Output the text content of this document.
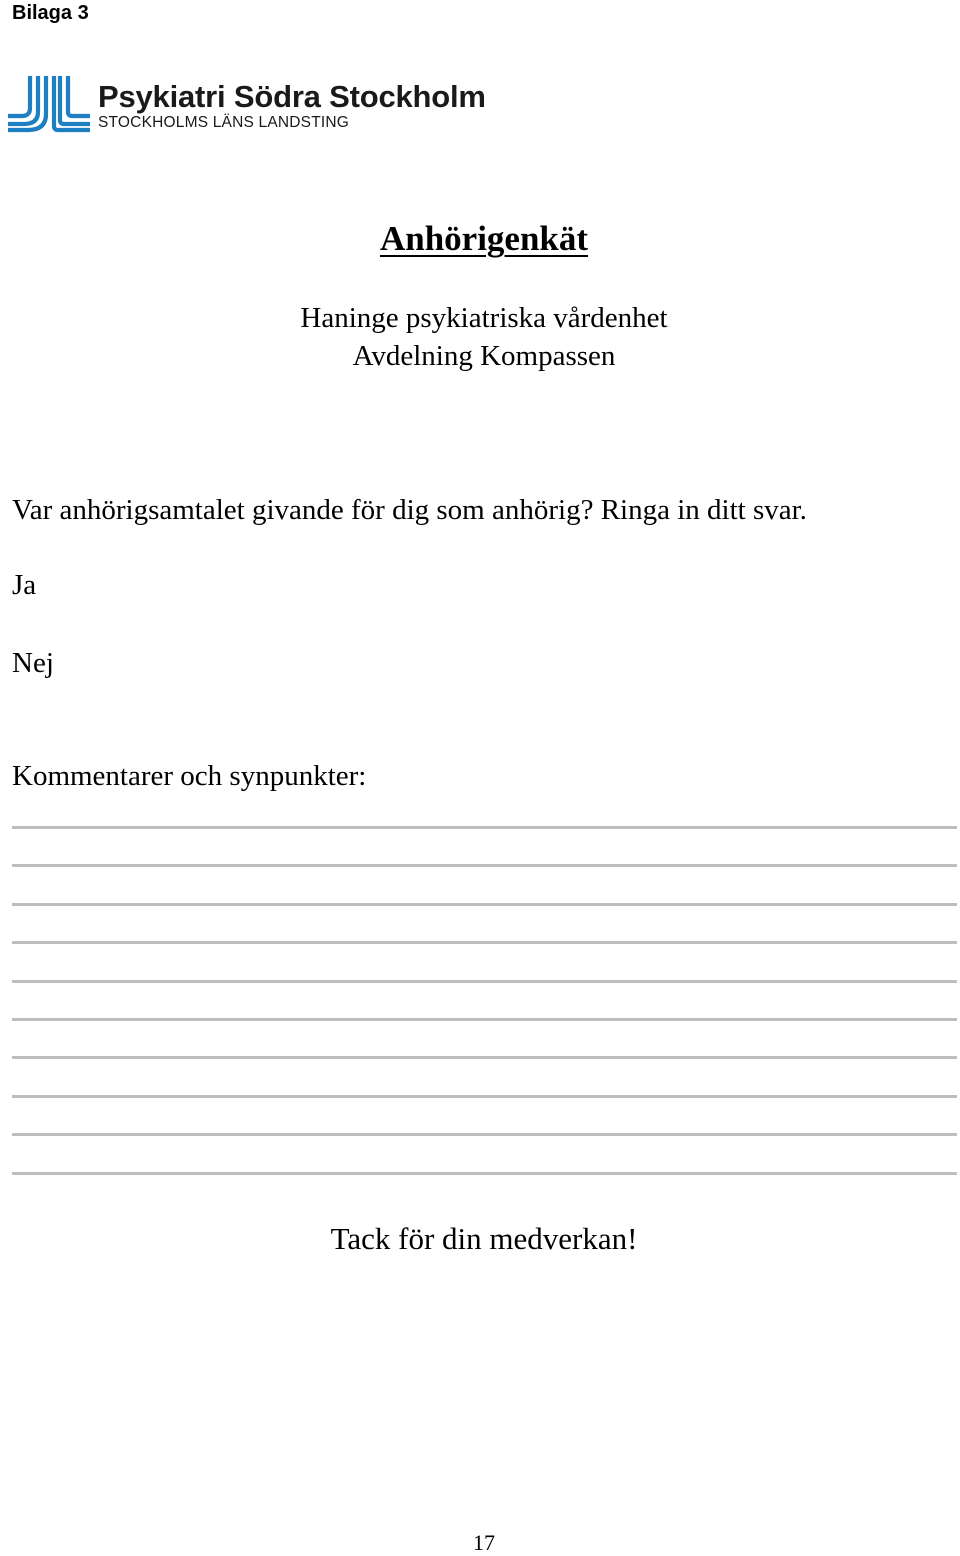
Bilaga 3
Psykiatri Södra Stockholm
STOCKHOLMS LÄNS LANDSTING
Anhörigenkät
Haninge psykiatriska vårdenhet
Avdelning Kompassen
Var anhörigsamtalet givande för dig som anhörig? Ringa in ditt svar.
Ja
Nej
Kommentarer och synpunkter:
Tack för din medverkan!
17
